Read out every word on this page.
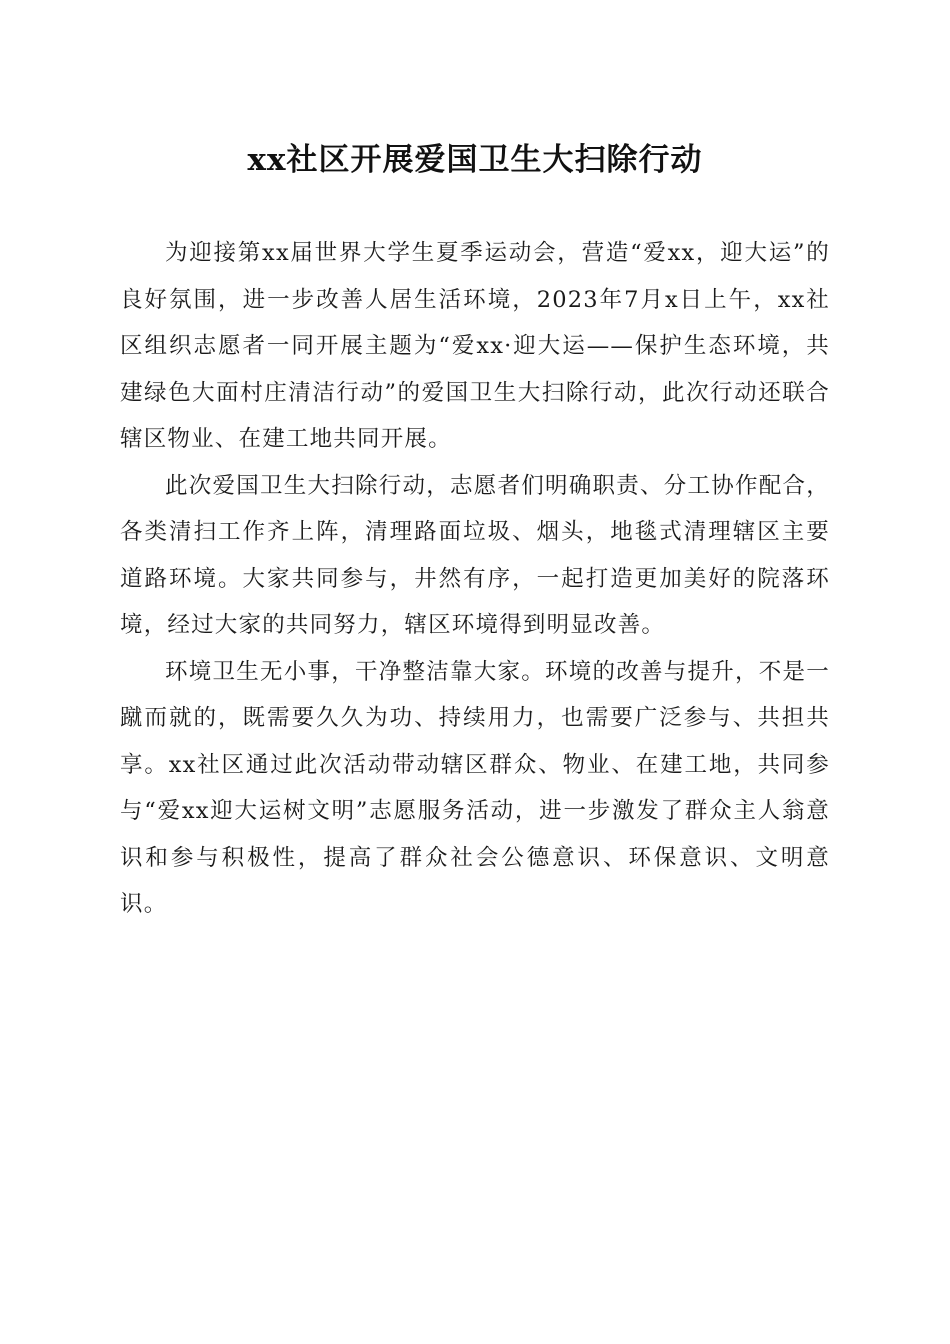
xx社区开展爱国卫生大扫除行动

为迎接第xx届世界大学生夏季运动会，营造“爱xx，迎大运”的良好氛围，进一步改善人居生活环境，2023年7月x日上午，xx社区组织志愿者一同开展主题为“爱xx·迎大运——保护生态环境，共建绿色大面村庄清洁行动”的爱国卫生大扫除行动，此次行动还联合辖区物业、在建工地共同开展。

此次爱国卫生大扫除行动，志愿者们明确职责、分工协作配合，各类清扫工作齐上阵，清理路面垃圾、烟头，地毯式清理辖区主要道路环境。大家共同参与，井然有序，一起打造更加美好的院落环境，经过大家的共同努力，辖区环境得到明显改善。

环境卫生无小事，干净整洁靠大家。环境的改善与提升，不是一蹴而就的，既需要久久为功、持续用力，也需要广泛参与、共担共享。xx社区通过此次活动带动辖区群众、物业、在建工地，共同参与“爱xx迎大运树文明”志愿服务活动，进一步激发了群众主人翁意识和参与积极性，提高了群众社会公德意识、环保意识、文明意识。
